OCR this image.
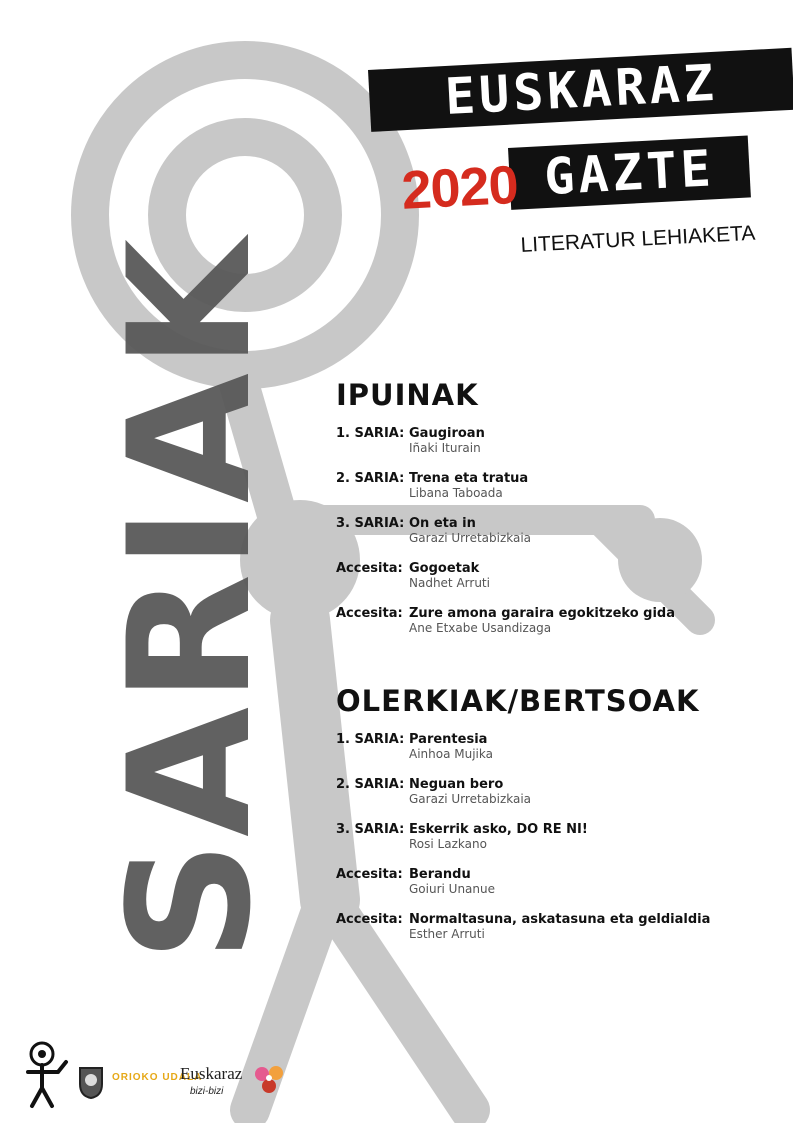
EUSKARAZ
GAZTE
2020
LITERATUR LEHIAKETA
SARIAK IPUINAK
1. SARIA: Gaugiroan
Iñaki Iturain
2. SARIA: Trena eta tratua
Libana Taboada
3. SARIA: On eta in
Garazi Urretabizkaia
Accesita: Gogoetak
Nadhet Arruti
Accesita: Zure amona garaira egokitzeko gida
Ane Etxabe Usandizaga
OLERKIAK/BERTSOAK
1. SARIA: Parentesia
Ainhoa Mujika
2. SARIA: Neguan bero
Garazi Urretabizkaia
3. SARIA: Eskerrik asko, DO RE NI!
Rosi Lazkano
Accesita: Berandu
Goiuri Unanue
Accesita: Normaltasuna, askatasuna eta geldialdia
Esther Arruti
ORIOKO UDALA
Euskaraz
bizi-bizi
